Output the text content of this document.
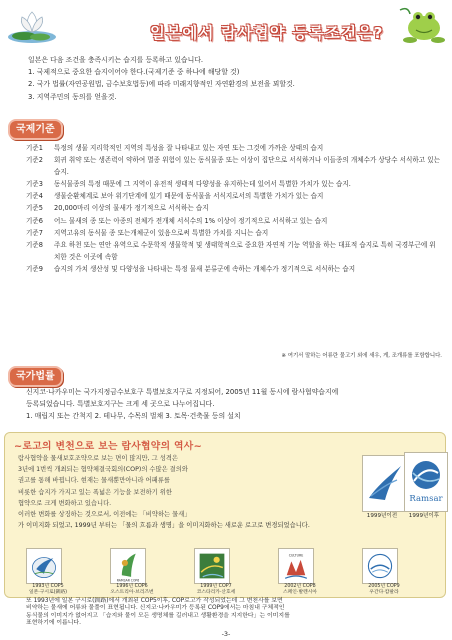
일본에서 람사협약 등록조건은?
일본은 다음 조건을 충족시키는 습지를 등록하고 있습니다.
1. 국제적으로 중요한 습지이어야 한다.(국제기준 중 하나에 해당할 것)
2. 국가 법률(자연공원법, 금수보호법등)에 따라 미래지향적인 자연환경의 보전을 꾀할것.
3. 지역주민의 동의를 얻을것.
국제기준
기준1	특정의 생물 지리학적인 지역의 특성을 잘 나타내고 있는 자연 또는 그것에 가까운 상태의 습지
기준2	회귀 취약 또는 생존력이 약하여 멸종 위험이 있는 동식물종 또는 이상이 집단으로 서식하거나 이들종의 개체수가 상당수 서식하고 있는 습지.
기준3	동식물종의 특정 때문에 그 지역이 유전적 생태적 다양성을 유지하는데 있어서 특별한 가치가 있는 습지.
기준4	생물순환체계로 보아 위기단계에 있기 때문에 동식물을 서식지로서의 특별한 가치가 있는 습지
기준5	20,000마리 이상의 물새가 정기적으로 서식하는 습지
기준6	어느 물새의 종 또는 아종의 전체가 전개체 서식수의 1% 이상이 정기적으로 서식하고 있는 습지
기준7	지역고유의 동식물 종 또는개체군이 있음으로써 특별한 가치를 지니는 습지
기준8	주요 하천 또는 연안 유역으로 수문학적 생물학적 및 생태학적으로 중요한 자연적 기능 역할을 하는 대표적 습지로 특히 국경부근에 위치한 것은 이곳에 속함
기준9	습지의 가치 생산성 및 다양성을 나타내는 특정 물새 분류군에 속하는 개체수가 정기적으로 서식하는 습지
※ 여기서 말하는 어류란 물고기 외에 새우, 게, 조개류를 포함합니다.
국가법률
신지코·나카우미는 국가지정금수보호구 특별보호지구로 지정되어, 2005년 11월 동시에 람사협약습지에
등록되었습니다. 특별보호지구는 크게 세 곳으로 나누어집니다.
1. 매립지 또는 간척지 2. 테나무, 수목의 벌채 3. 토목·건축물 등의 설치
~로고의 변천으로 보는 람사협약의 역사~
람사협약을 물새보호조약으로 보는 면이 많지만, 그 성격은
3년에 1번씩 개최되는 협약체결국회의(COP)의 수많은 결의와
권고를 통해 바뀝니다. 현재는 물새뿐만아니라 어패류를
비롯한 습지가 가지고 있는 폭넓은 기능을 보전하기 위한
협약으로 크게 변화하고 있습니다.
이러한 변화를 상징하는 것으로서, 이전에는 「비약하는 물새」
가 이미지화 되었고, 1999년 부터는 「물의 흐름과 생명」을 이미지화하는 새로운 로고로 변경되었습니다.
Ramsar
1999년이전	1999년이후
RAMSAR COP6
CULTURE
1993년 COP5
일본·구시로(釧路)
1996년 COP6
오스트리아·브리즈번
1999년 COP7
코스타리카·산호세
2002년 COP8
스페인·발렌시아
2005년 COP9
우간다·캄팔라
-3-
또 1993년에 일본 구시로(釧路)에서 개최된 COP5이후, COP로고가 작성되었는데 그 변천사를 보면
비약하는 물새에 어류와 물풀이 표현됩니다. 신지코·나카우미가 등록된 COP9에서는 마침내 구체적인
동식물의 이미지가 없어지고 「습지와 물이 모든 생명체를 길러내고 생활환경을 지지한다」는 이미지를
표현하기에 이릅니다.
